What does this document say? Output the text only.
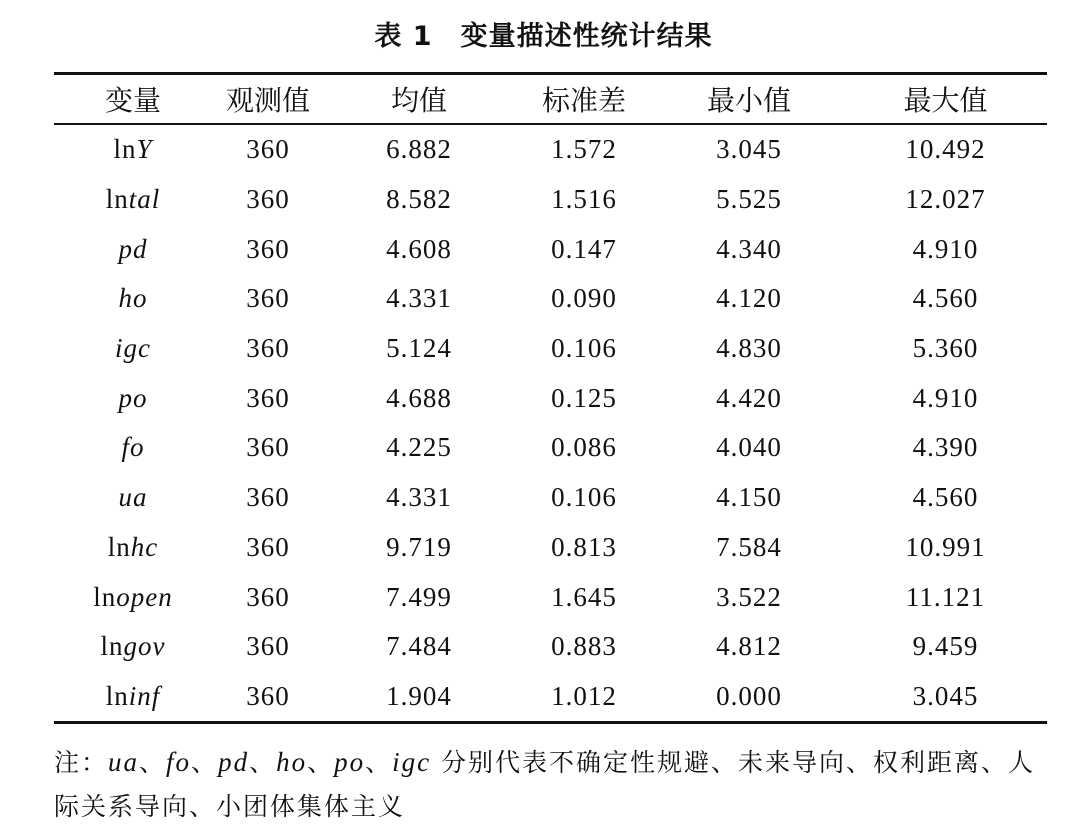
表 1 变量描述性统计结果
变量	观测值	均值	标准差	最小值	最大值
lnY	360	6.882	1.572	3.045	10.492
lntal	360	8.582	1.516	5.525	12.027
pd	360	4.608	0.147	4.340	4.910
ho	360	4.331	0.090	4.120	4.560
igc	360	5.124	0.106	4.830	5.360
po	360	4.688	0.125	4.420	4.910
fo	360	4.225	0.086	4.040	4.390
ua	360	4.331	0.106	4.150	4.560
lnhc	360	9.719	0.813	7.584	10.991
lnopen	360	7.499	1.645	3.522	11.121
lngov	360	7.484	0.883	4.812	9.459
lninf	360	1.904	1.012	0.000	3.045
注：ua、fo、pd、ho、po、igc 分别代表不确定性规避、未来导向、权利距离、人际关系导向、小团体集体主义
